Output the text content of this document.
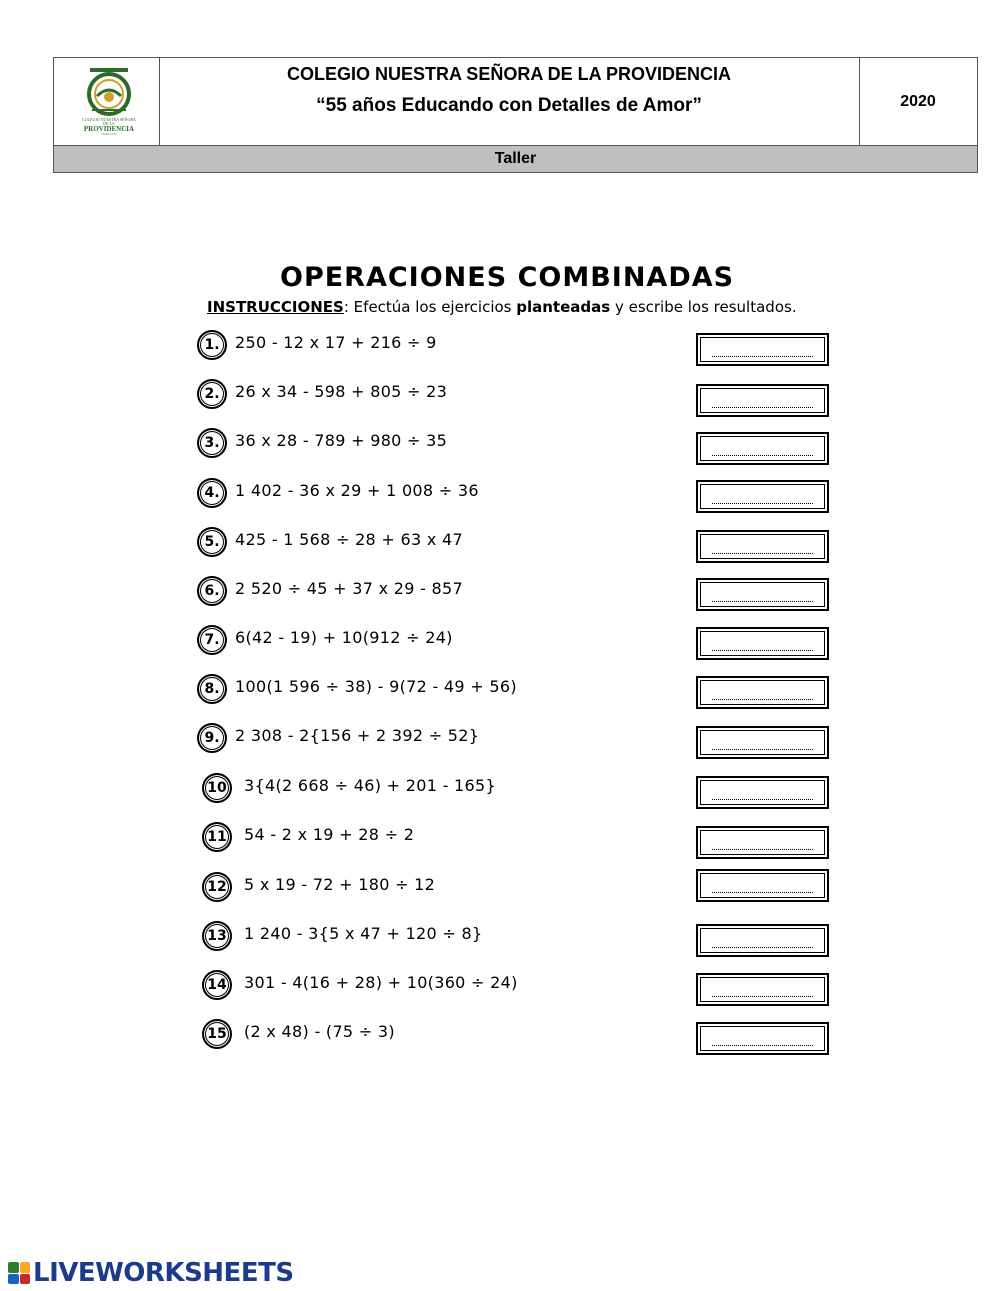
COLEGIO NUESTRA SEÑORA DE LA
PROVIDENCIA
MEDELLÍN
COLEGIO NUESTRA SEÑORA DE LA PROVIDENCIA
“55 años Educando con Detalles de Amor”	2020
Taller
OPERACIONES COMBINADAS
INSTRUCCIONES: Efectúa los ejercicios planteadas y escribe los resultados.
1. 250 - 12 x 17 + 216 ÷ 9
2. 26 x 34 - 598 + 805 ÷ 23
3. 36 x 28 - 789 + 980 ÷ 35
4. 1 402 - 36 x 29 + 1 008 ÷ 36
5. 425 - 1 568 ÷ 28 + 63 x 47
6. 2 520 ÷ 45 + 37 x 29 - 857
7. 6(42 - 19) + 10(912 ÷ 24)
8. 100(1 596 ÷ 38) - 9(72 - 49 + 56)
9. 2 308 - 2{156 + 2 392 ÷ 52}
10	3{4(2 668 ÷ 46) + 201 - 165}
11	54 - 2 x 19 + 28 ÷ 2
12	5 x 19 - 72 + 180 ÷ 12
13	1 240 - 3{5 x 47 + 120 ÷ 8}
14	301 - 4(16 + 28) + 10(360 ÷ 24)
15	(2 x 48) - (75 ÷ 3)
LIVEWORKSHEETS
